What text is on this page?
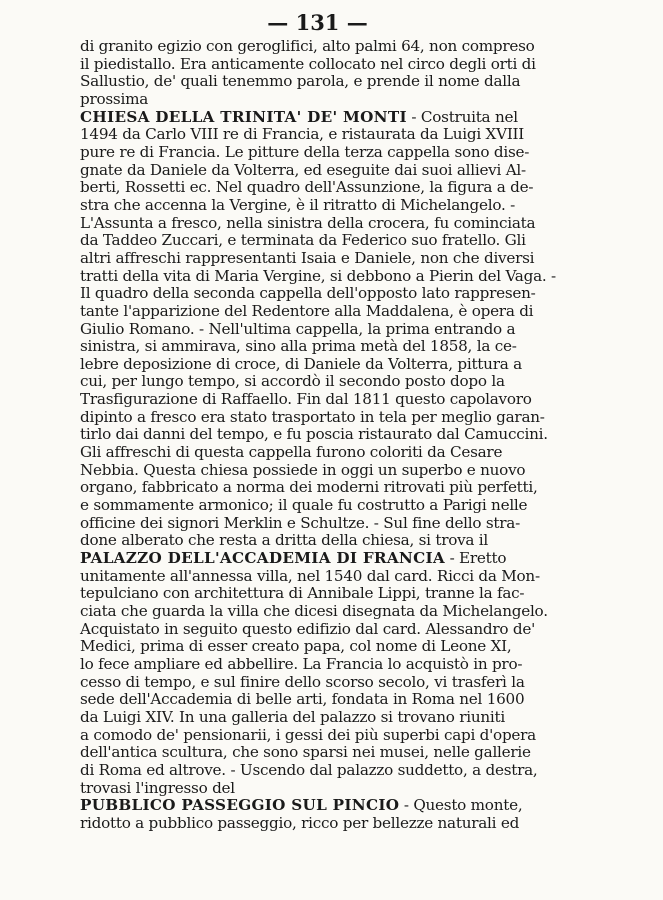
— 131 —
di granito egizio con geroglifici, alto palmi 64, non compreso
il piedistallo. Era anticamente collocato nel circo degli orti di
Sallustio, de' quali tenemmo parola, e prende il nome dalla
prossima
CHIESA DELLA TRINITA' DE' MONTI - Costruita nel
1494 da Carlo VIII re di Francia, e ristaurata da Luigi XVIII
pure re di Francia. Le pitture della terza cappella sono dise-
gnate da Daniele da Volterra, ed eseguite dai suoi allievi Al-
berti, Rossetti ec. Nel quadro dell'Assunzione, la figura a de-
stra che accenna la Vergine, è il ritratto di Michelangelo. -
L'Assunta a fresco, nella sinistra della crocera, fu cominciata
da Taddeo Zuccari, e terminata da Federico suo fratello. Gli
altri affreschi rappresentanti Isaia e Daniele, non che diversi
tratti della vita di Maria Vergine, si debbono a Pierin del Vaga. -
Il quadro della seconda cappella dell'opposto lato rappresen-
tante l'apparizione del Redentore alla Maddalena, è opera di
Giulio Romano. - Nell'ultima cappella, la prima entrando a
sinistra, si ammirava, sino alla prima metà del 1858, la ce-
lebre deposizione di croce, di Daniele da Volterra, pittura a
cui, per lungo tempo, si accordò il secondo posto dopo la
Trasfigurazione di Raffaello. Fin dal 1811 questo capolavoro
dipinto a fresco era stato trasportato in tela per meglio garan-
tirlo dai danni del tempo, e fu poscia ristaurato dal Camuccini.
Gli affreschi di questa cappella furono coloriti da Cesare
Nebbia. Questa chiesa possiede in oggi un superbo e nuovo
organo, fabbricato a norma dei moderni ritrovati più perfetti,
e sommamente armonico; il quale fu costrutto a Parigi nelle
officine dei signori Merklin e Schultze. - Sul fine dello stra-
done alberato che resta a dritta della chiesa, si trova il
PALAZZO DELL'ACCADEMIA DI FRANCIA - Eretto
unitamente all'annessa villa, nel 1540 dal card. Ricci da Mon-
tepulciano con architettura di Annibale Lippi, tranne la fac-
ciata che guarda la villa che dicesi disegnata da Michelangelo.
Acquistato in seguito questo edifizio dal card. Alessandro de'
Medici, prima di esser creato papa, col nome di Leone XI,
lo fece ampliare ed abbellire. La Francia lo acquistò in pro-
cesso di tempo, e sul finire dello scorso secolo, vi trasferì la
sede dell'Accademia di belle arti, fondata in Roma nel 1600
da Luigi XIV. In una galleria del palazzo si trovano riuniti
a comodo de' pensionarii, i gessi dei più superbi capi d'opera
dell'antica scultura, che sono sparsi nei musei, nelle gallerie
di Roma ed altrove. - Uscendo dal palazzo suddetto, a destra,
trovasi l'ingresso del
PUBBLICO PASSEGGIO SUL PINCIO - Questo monte,
ridotto a pubblico passeggio, ricco per bellezze naturali ed
